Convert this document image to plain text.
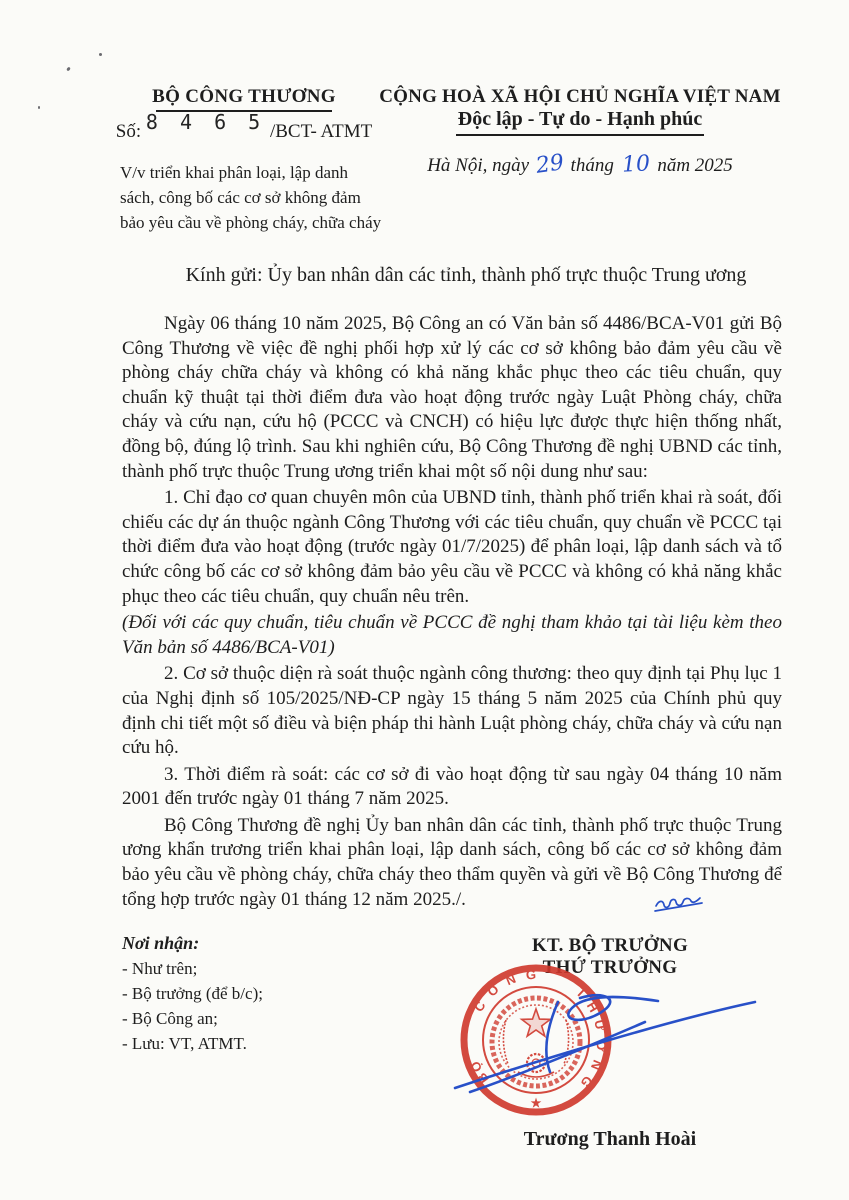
BỘ CÔNG THƯƠNG
Số: 8 4 6 5 /BCT- ATMT
V/v triển khai phân loại, lập danh sách, công bố các cơ sở không đảm bảo yêu cầu về phòng cháy, chữa cháy
CỘNG HOÀ XÃ HỘI CHỦ NGHĨA VIỆT NAM
Độc lập - Tự do - Hạnh phúc
Hà Nội, ngày 29 tháng 10 năm 2025
Kính gửi: Ủy ban nhân dân các tỉnh, thành phố trực thuộc Trung ương

Ngày 06 tháng 10 năm 2025, Bộ Công an có Văn bản số 4486/BCA-V01 gửi Bộ Công Thương về việc đề nghị phối hợp xử lý các cơ sở không bảo đảm yêu cầu về phòng cháy chữa cháy và không có khả năng khắc phục theo các tiêu chuẩn, quy chuẩn kỹ thuật tại thời điểm đưa vào hoạt động trước ngày Luật Phòng cháy, chữa cháy và cứu nạn, cứu hộ (PCCC và CNCH) có hiệu lực được thực hiện thống nhất, đồng bộ, đúng lộ trình. Sau khi nghiên cứu, Bộ Công Thương đề nghị UBND các tỉnh, thành phố trực thuộc Trung ương triển khai một số nội dung như sau:

1. Chỉ đạo cơ quan chuyên môn của UBND tỉnh, thành phố triển khai rà soát, đối chiếu các dự án thuộc ngành Công Thương với các tiêu chuẩn, quy chuẩn về PCCC tại thời điểm đưa vào hoạt động (trước ngày 01/7/2025) để phân loại, lập danh sách và tổ chức công bố các cơ sở không đảm bảo yêu cầu về PCCC và không có khả năng khắc phục theo các tiêu chuẩn, quy chuẩn nêu trên.

(Đối với các quy chuẩn, tiêu chuẩn về PCCC đề nghị tham khảo tại tài liệu kèm theo Văn bản số 4486/BCA-V01)

2. Cơ sở thuộc diện rà soát thuộc ngành công thương: theo quy định tại Phụ lục 1 của Nghị định số 105/2025/NĐ-CP ngày 15 tháng 5 năm 2025 của Chính phủ quy định chi tiết một số điều và biện pháp thi hành Luật phòng cháy, chữa cháy và cứu nạn cứu hộ.

3. Thời điểm rà soát: các cơ sở đi vào hoạt động từ sau ngày 04 tháng 10 năm 2001 đến trước ngày 01 tháng 7 năm 2025.

Bộ Công Thương đề nghị Ủy ban nhân dân các tỉnh, thành phố trực thuộc Trung ương khẩn trương triển khai phân loại, lập danh sách, công bố các cơ sở không đảm bảo yêu cầu về phòng cháy, chữa cháy theo thẩm quyền và gửi về Bộ Công Thương để tổng hợp trước ngày 01 tháng 12 năm 2025./.

Nơi nhận:
- Như trên;
- Bộ trưởng (để b/c);
- Bộ Công an;
- Lưu: VT, ATMT.
KT. BỘ TRƯỞNG
THỨ TRƯỞNG
CÔNG
THƯƠNG
BỘ
★
Trương Thanh Hoài
